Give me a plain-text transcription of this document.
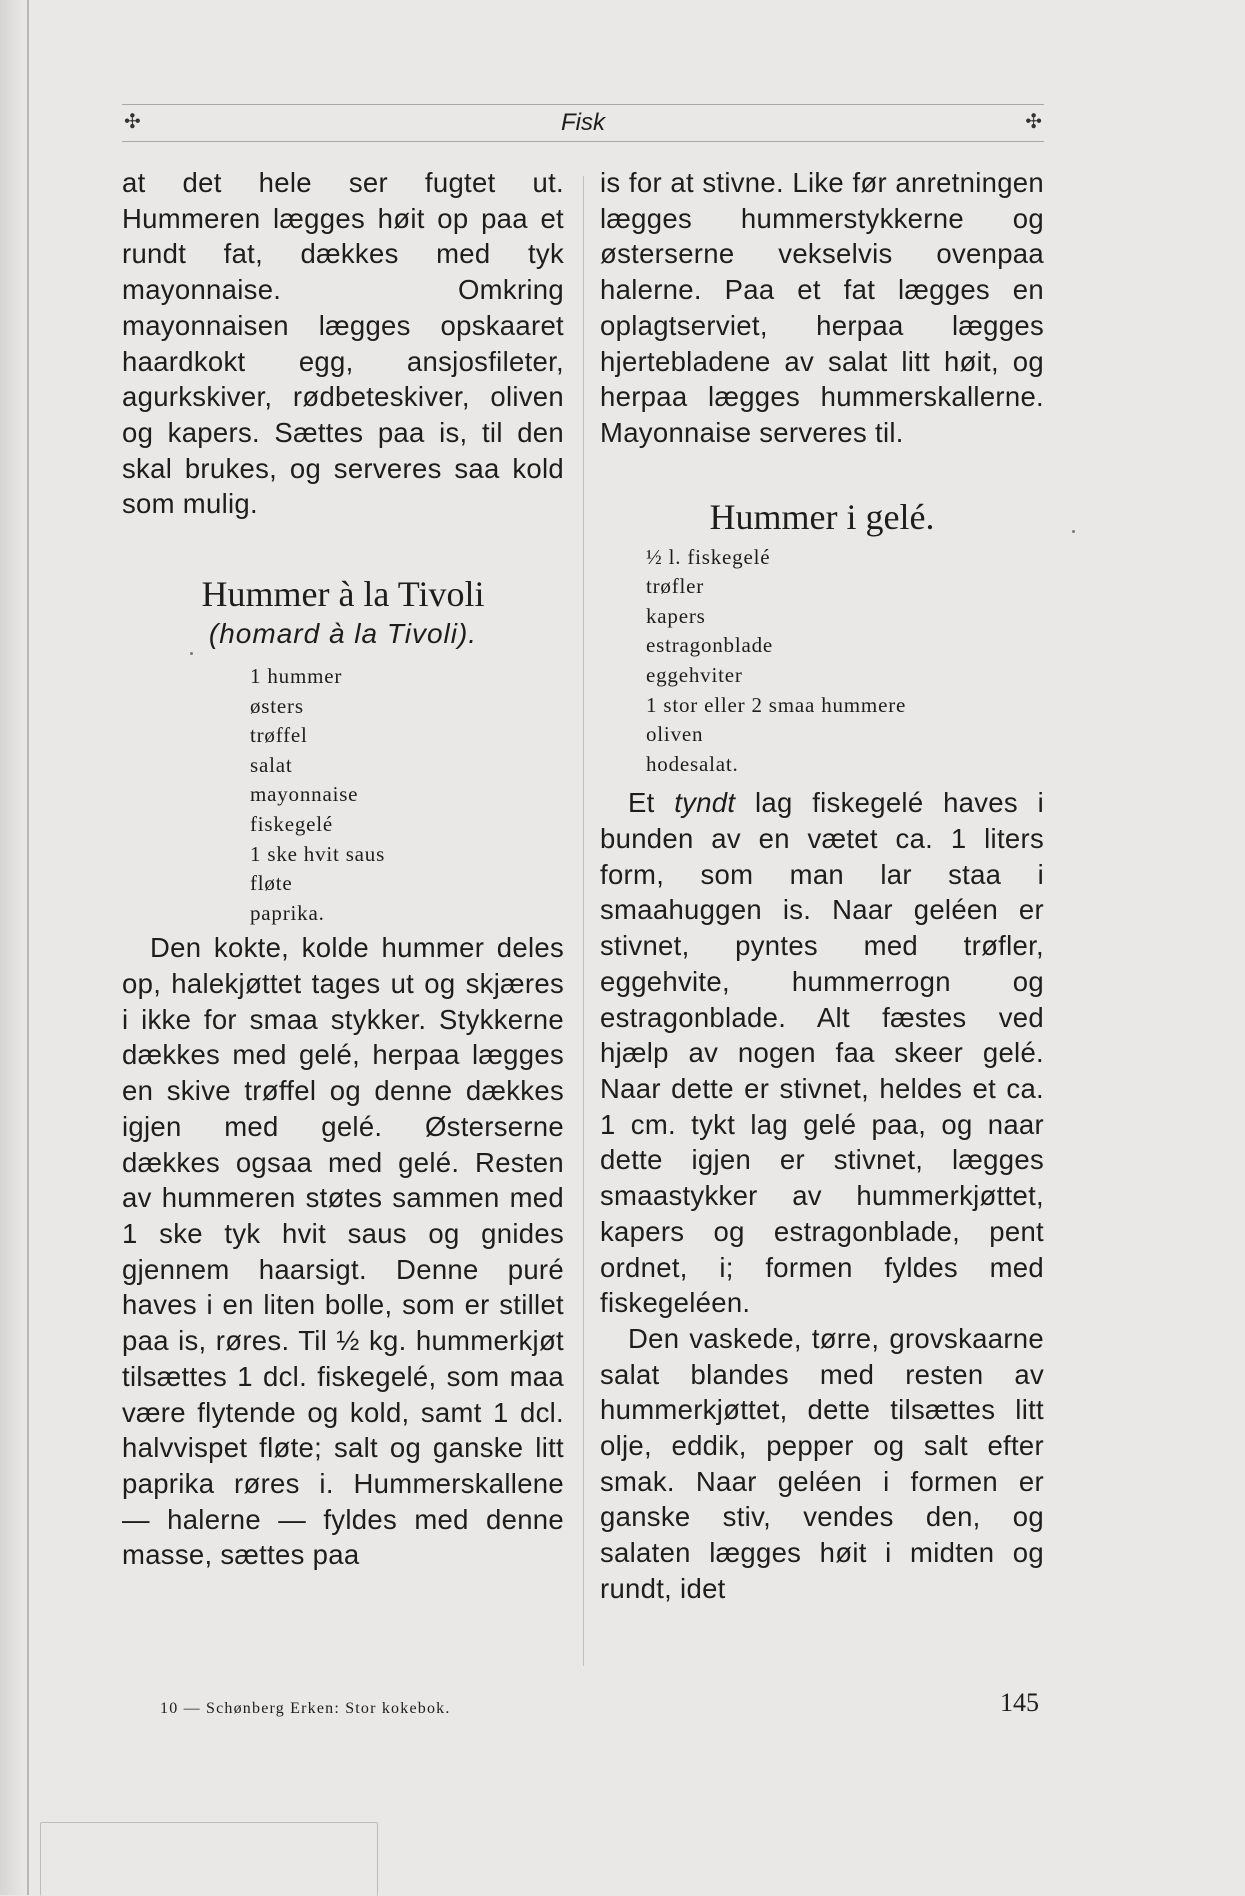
✣	Fisk	✣

at det hele ser fugtet ut. Hummeren lægges høit op paa et rundt fat, dækkes med tyk mayonnaise. Omkring mayonnaisen lægges opskaaret haardkokt egg, ansjosfileter, agurkskiver, rødbeteskiver, oliven og kapers. Sættes paa is, til den skal brukes, og serveres saa kold som mulig.

Hummer à la Tivoli

(homard à la Tivoli).

1 hummer
østers
trøffel
salat
mayonnaise
fiskegelé
1 ske hvit saus
fløte
paprika.

Den kokte, kolde hummer deles op, halekjøttet tages ut og skjæres i ikke for smaa stykker. Stykkerne dækkes med gelé, herpaa lægges en skive trøffel og denne dækkes igjen med gelé. Østerserne dækkes ogsaa med gelé. Resten av hummeren støtes sammen med 1 ske tyk hvit saus og gnides gjennem haarsigt. Denne puré haves i en liten bolle, som er stillet paa is, røres. Til ½ kg. hummerkjøt tilsættes 1 dcl. fiskegelé, som maa være flytende og kold, samt 1 dcl. halvvispet fløte; salt og ganske litt paprika røres i. Hummerskallene — halerne — fyldes med denne masse, sættes paa

is for at stivne. Like før anretningen lægges hummerstykkerne og østerserne vekselvis ovenpaa halerne. Paa et fat lægges en oplagtserviet, herpaa lægges hjertebladene av salat litt høit, og herpaa lægges hummerskallerne. Mayonnaise serveres til.

Hummer i gelé.

½ l. fiskegelé
trøfler
kapers
estragonblade
eggehviter
1 stor eller 2 smaa hummere
oliven
hodesalat.

Et tyndt lag fiskegelé haves i bunden av en vætet ca. 1 liters form, som man lar staa i smaahuggen is. Naar geléen er stivnet, pyntes med trøfler, eggehvite, hummerrogn og estragonblade. Alt fæstes ved hjælp av nogen faa skeer gelé. Naar dette er stivnet, heldes et ca. 1 cm. tykt lag gelé paa, og naar dette igjen er stivnet, lægges smaastykker av hummerkjøttet, kapers og estragonblade, pent ordnet, i; formen fyldes med fiskegeléen.

Den vaskede, tørre, grovskaarne salat blandes med resten av hummerkjøttet, dette tilsættes litt olje, eddik, pepper og salt efter smak. Naar geléen i formen er ganske stiv, vendes den, og salaten lægges høit i midten og rundt, idet

10 — Schønberg Erken: Stor kokebok.	145
